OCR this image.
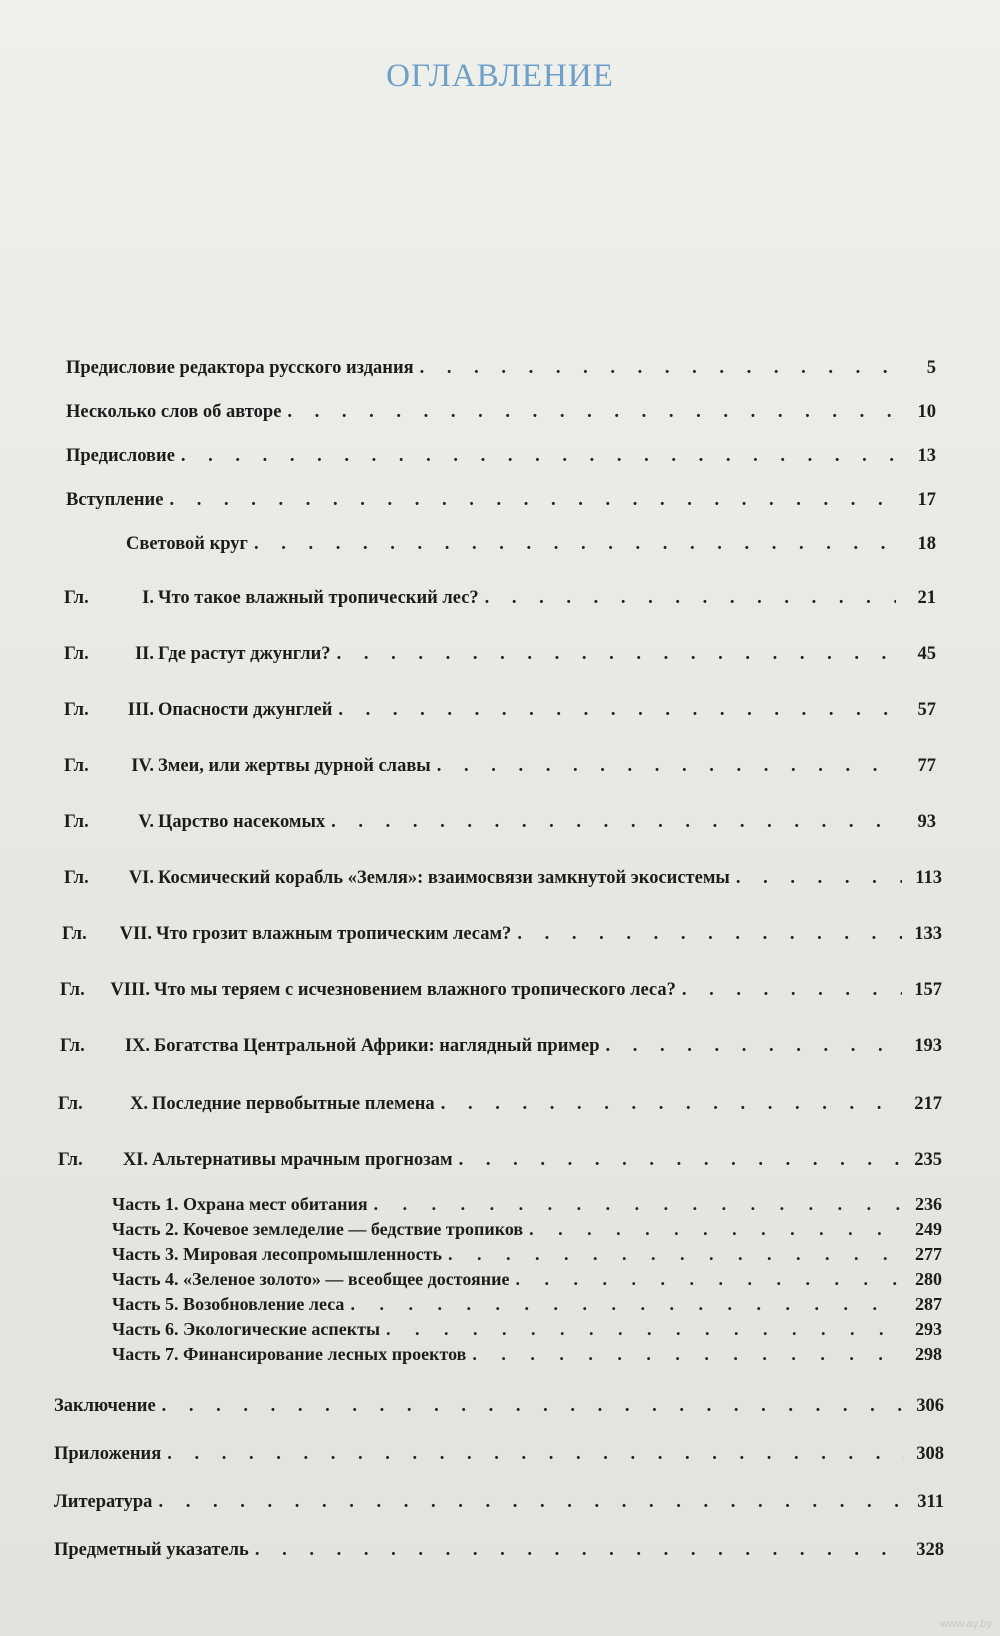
ОГЛАВЛЕНИЕ
Предисловие редактора русского издания . . .	5
Несколько слов об авторе . . .	10
Предисловие . . .	13
Вступление . . .	17
Световой круг . . .	18
Гл.	I. Что такое влажный тропический лес? . . .	21
Гл.	II. Где растут джунгли? . . .	45
Гл.	III. Опасности джунглей . . .	57
Гл.	IV. Змеи, или жертвы дурной славы . . .	77
Гл.	V. Царство насекомых . . .	93
Гл.	VI. Космический корабль «Земля»: взаимосвязи замкнутой экосистемы . . .	113
Гл.	VII. Что грозит влажным тропическим лесам? . . .	133
Гл.	VIII. Что мы теряем с исчезновением влажного тропического леса? . . .	157
Гл.	IX. Богатства Центральной Африки: наглядный пример . . .	193
Гл.	X. Последние первобытные племена . . .	217
Гл.	XI. Альтернативы мрачным прогнозам . . .	235
Часть 1. Охрана мест обитания . . .	236
Часть 2. Кочевое земледелие — бедствие тропиков . . .	249
Часть 3. Мировая лесопромышленность . . .	277
Часть 4. «Зеленое золото» — всеобщее достояние . . .	280
Часть 5. Возобновление леса . . .	287
Часть 6. Экологические аспекты . . .	293
Часть 7. Финансирование лесных проектов . . .	298
Заключение . . .	306
Приложения . . .	308
Литература . . .	311
Предметный указатель . . .	328
www.ay.by
